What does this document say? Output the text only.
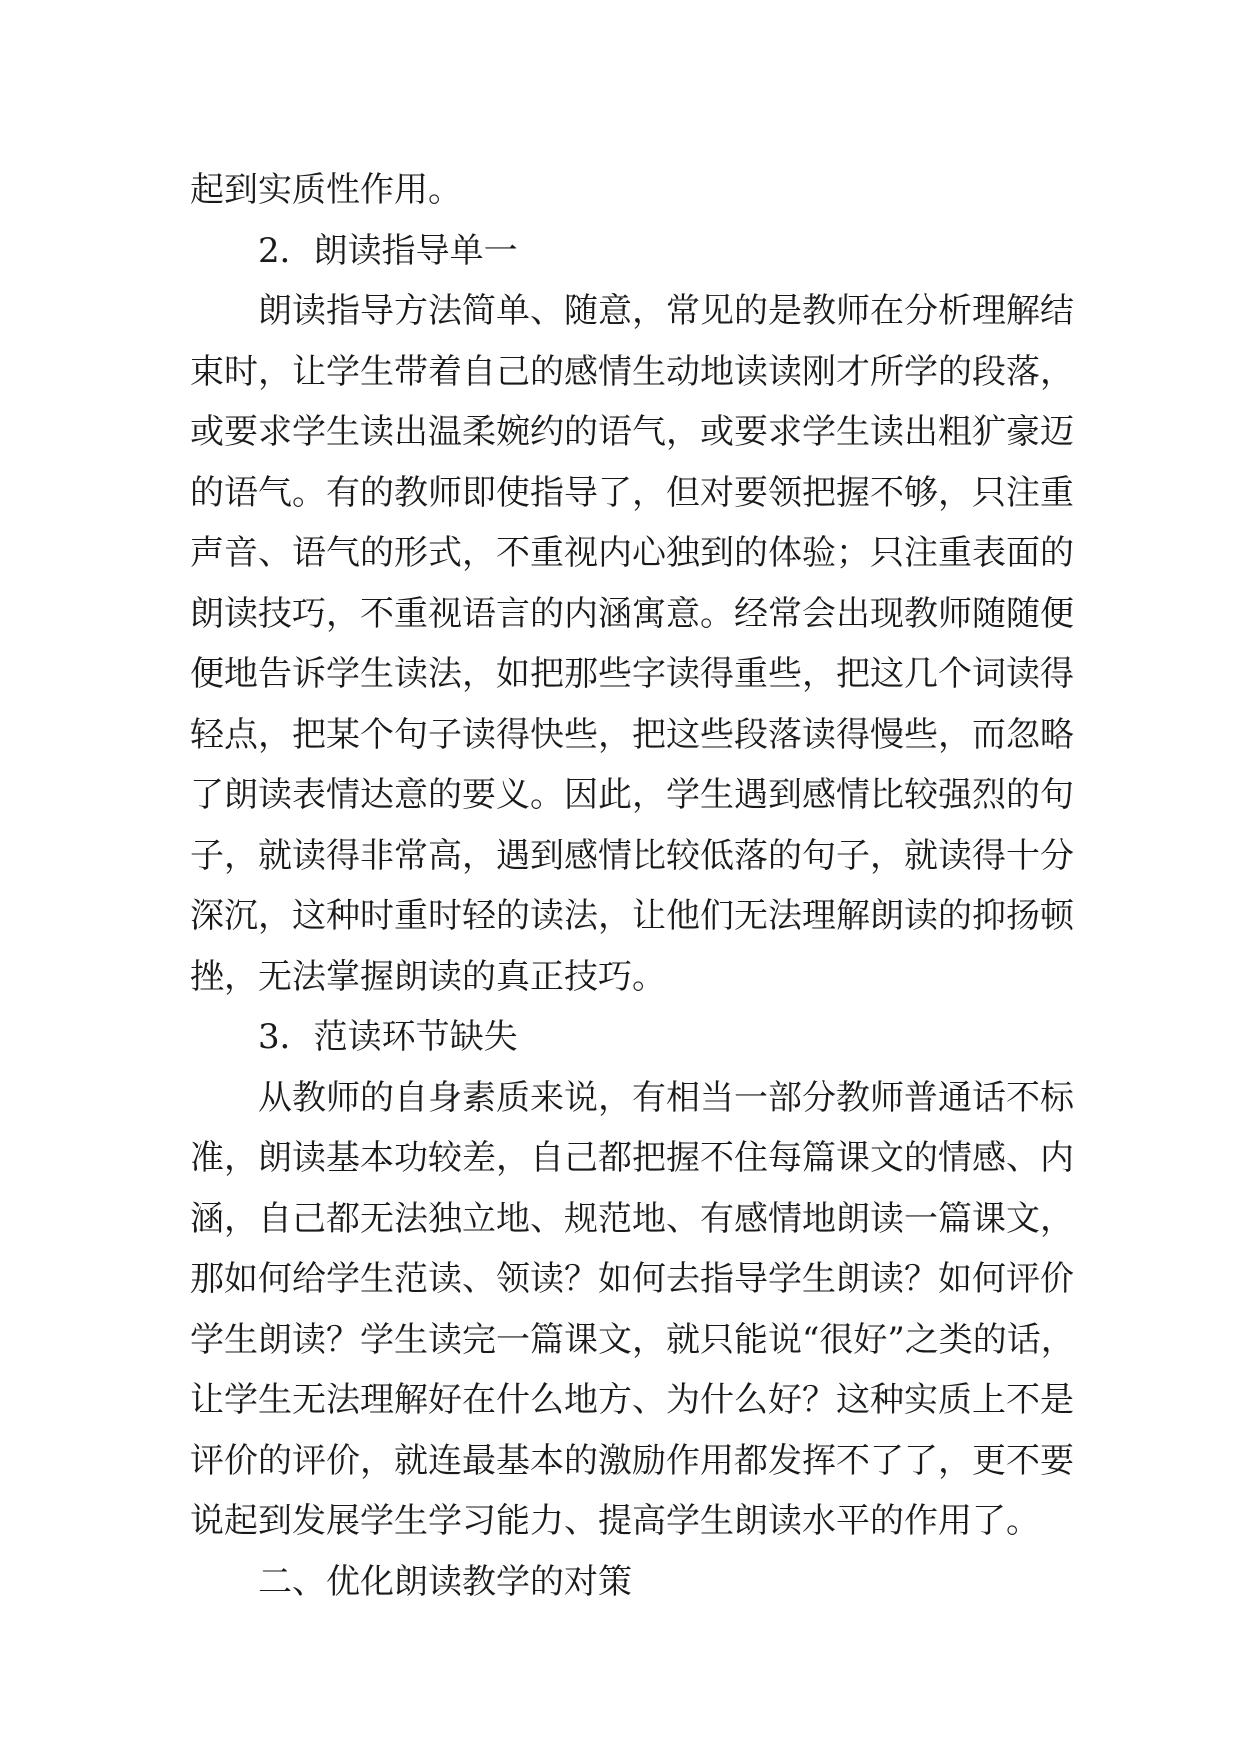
起到实质性作用。
2．朗读指导单一
朗读指导方法简单、随意，常见的是教师在分析理解结
束时，让学生带着自己的感情生动地读读刚才所学的段落，
或要求学生读出温柔婉约的语气，或要求学生读出粗犷豪迈
的语气。有的教师即使指导了，但对要领把握不够，只注重
声音、语气的形式，不重视内心独到的体验；只注重表面的
朗读技巧，不重视语言的内涵寓意。经常会出现教师随随便
便地告诉学生读法，如把那些字读得重些，把这几个词读得
轻点，把某个句子读得快些，把这些段落读得慢些，而忽略
了朗读表情达意的要义。因此，学生遇到感情比较强烈的句
子，就读得非常高，遇到感情比较低落的句子，就读得十分
深沉，这种时重时轻的读法，让他们无法理解朗读的抑扬顿
挫，无法掌握朗读的真正技巧。
3．范读环节缺失
从教师的自身素质来说，有相当一部分教师普通话不标
准，朗读基本功较差，自己都把握不住每篇课文的情感、内
涵，自己都无法独立地、规范地、有感情地朗读一篇课文，
那如何给学生范读、领读？如何去指导学生朗读？如何评价
学生朗读？学生读完一篇课文，就只能说“很好”之类的话，
让学生无法理解好在什么地方、为什么好？这种实质上不是
评价的评价，就连最基本的激励作用都发挥不了了，更不要
说起到发展学生学习能力、提高学生朗读水平的作用了。
二、优化朗读教学的对策
